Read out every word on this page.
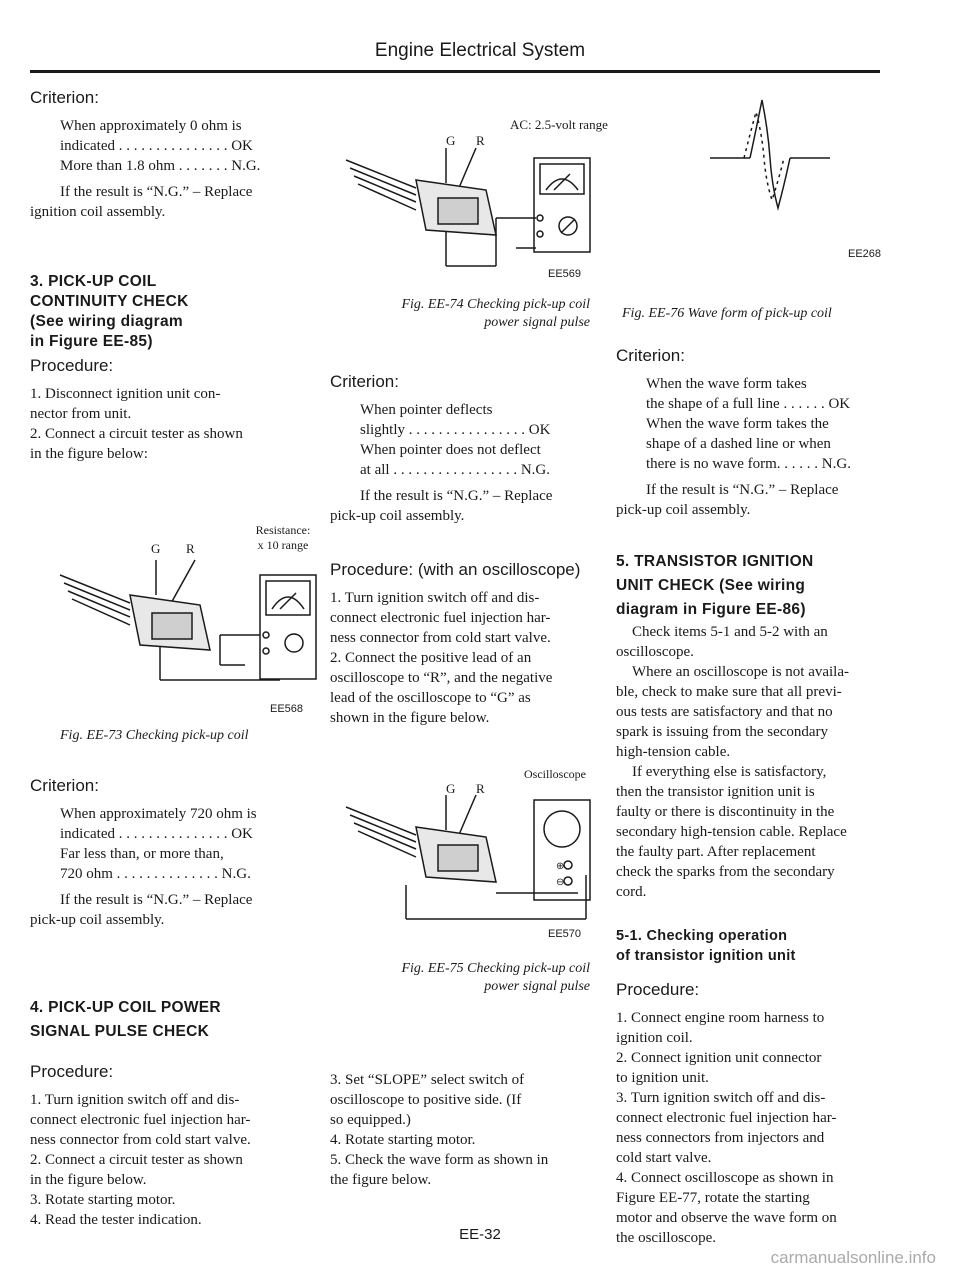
Engine Electrical System

Criterion:

When approximately 0 ohm is

indicated . . . . . . . . . . . . . . . OK

More than 1.8 ohm . . . . . . . N.G.

If the result is “N.G.” – Replace

ignition coil assembly.

3. PICK-UP COIL

CONTINUITY CHECK

(See wiring diagram

in Figure EE-85)

Procedure:

1. Disconnect ignition unit con-

nector from unit.

2. Connect a circuit tester as shown

in the figure below:

Resistance:
x 10 range
G R
EE568
Fig. EE-73 Checking pick-up coil

Criterion:

When approximately 720 ohm is

indicated . . . . . . . . . . . . . . . OK

Far less than, or more than,

720 ohm . . . . . . . . . . . . . . N.G.

If the result is “N.G.” – Replace

pick-up coil assembly.

4. PICK-UP COIL POWER

SIGNAL PULSE CHECK

Procedure:

1. Turn ignition switch off and dis-

connect electronic fuel injection har-

ness connector from cold start valve.

2. Connect a circuit tester as shown

in the figure below.

3. Rotate starting motor.

4. Read the tester indication.

AC: 2.5-volt range
G R
EE569
Fig. EE-74 Checking pick-up coil
power signal pulse

Criterion:

When pointer deflects

slightly . . . . . . . . . . . . . . . . OK

When pointer does not deflect

at all . . . . . . . . . . . . . . . . . N.G.

If the result is “N.G.” – Replace

pick-up coil assembly.

Procedure: (with an oscilloscope)

1. Turn ignition switch off and dis-

connect electronic fuel injection har-

ness connector from cold start valve.

2. Connect the positive lead of an

oscilloscope to “R”, and the negative

lead of the oscilloscope to “G” as

shown in the figure below.

Oscilloscope
G R
⊕
⊖
EE570
Fig. EE-75 Checking pick-up coil
power signal pulse

3. Set “SLOPE” select switch of

oscilloscope to positive side. (If

so equipped.)

4. Rotate starting motor.

5. Check the wave form as shown in

the figure below.

EE268
Fig. EE-76 Wave form of pick-up coil

Criterion:

When the wave form takes

the shape of a full line . . . . . . OK

When the wave form takes the

shape of a dashed line or when

there is no wave form. . . . . . N.G.

If the result is “N.G.” – Replace

pick-up coil assembly.

5. TRANSISTOR IGNITION

UNIT CHECK (See wiring

diagram in Figure EE-86)

Check items 5-1 and 5-2 with an

oscilloscope.

Where an oscilloscope is not availa-

ble, check to make sure that all previ-

ous tests are satisfactory and that no

spark is issuing from the secondary

high-tension cable.

If everything else is satisfactory,

then the transistor ignition unit is

faulty or there is discontinuity in the

secondary high-tension cable. Replace

the faulty part. After replacement

check the sparks from the secondary

cord.

5-1. Checking operation

of transistor ignition unit

Procedure:

1. Connect engine room harness to

ignition coil.

2. Connect ignition unit connector

to ignition unit.

3. Turn ignition switch off and dis-

connect electronic fuel injection har-

ness connectors from injectors and

cold start valve.

4. Connect oscilloscope as shown in

Figure EE-77, rotate the starting

motor and observe the wave form on

the oscilloscope.

EE-32
carmanualsonline.info
